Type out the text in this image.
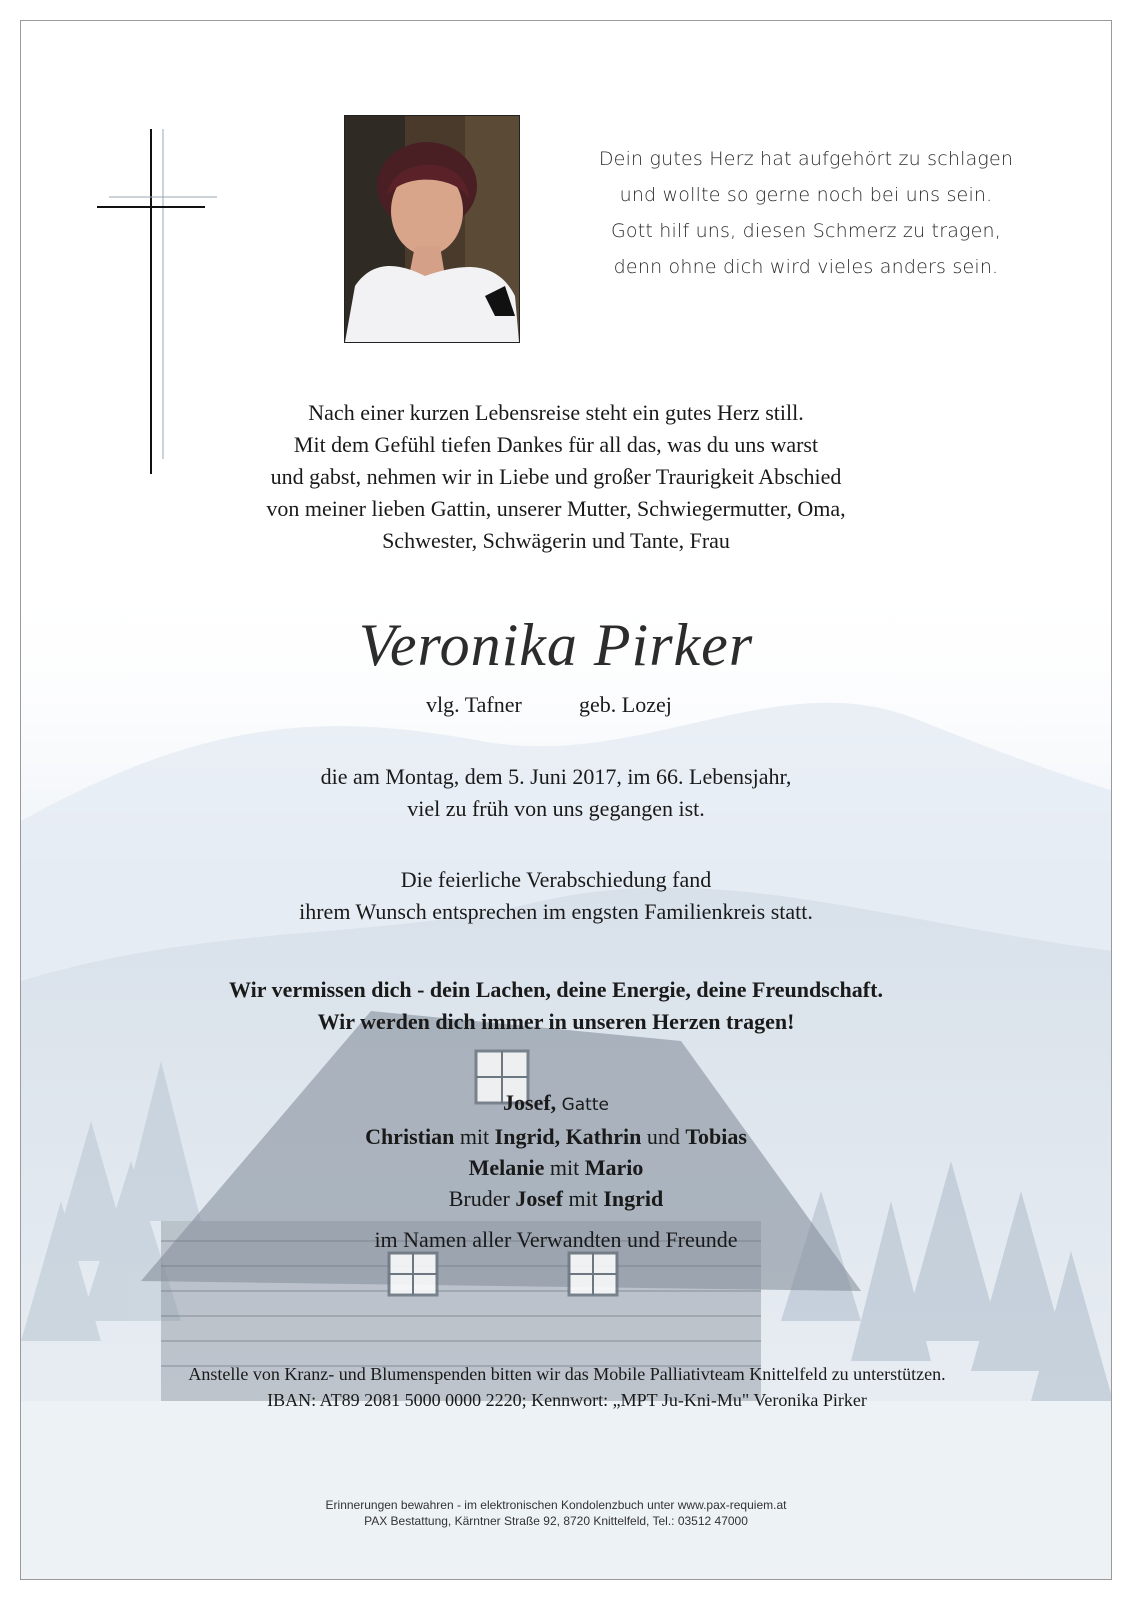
Dein gutes Herz hat aufgehört zu schlagen
und wollte so gerne noch bei uns sein.
Gott hilf uns, diesen Schmerz zu tragen,
denn ohne dich wird vieles anders sein.
Nach einer kurzen Lebensreise steht ein gutes Herz still.
Mit dem Gefühl tiefen Dankes für all das, was du uns warst
und gabst, nehmen wir in Liebe und großer Traurigkeit Abschied
von meiner lieben Gattin, unserer Mutter, Schwiegermutter, Oma,
Schwester, Schwägerin und Tante, Frau
Veronika Pirker
vlg. Tafner	geb. Lozej
die am Montag, dem 5. Juni 2017, im 66. Lebensjahr,
viel zu früh von uns gegangen ist.
Die feierliche Verabschiedung fand
ihrem Wunsch entsprechen im engsten Familienkreis statt.
Wir vermissen dich - dein Lachen, deine Energie, deine Freundschaft.
Wir werden dich immer in unseren Herzen tragen!
Josef, Gatte
Christian mit Ingrid, Kathrin und Tobias
Melanie mit Mario
Bruder Josef mit Ingrid
im Namen aller Verwandten und Freunde
Anstelle von Kranz- und Blumenspenden bitten wir das Mobile Palliativteam Knittelfeld zu unterstützen.
IBAN: AT89 2081 5000 0000 2220; Kennwort: „MPT Ju-Kni-Mu" Veronika Pirker
Erinnerungen bewahren - im elektronischen Kondolenzbuch unter www.pax-requiem.at
PAX Bestattung, Kärntner Straße 92, 8720 Knittelfeld, Tel.: 03512 47000
